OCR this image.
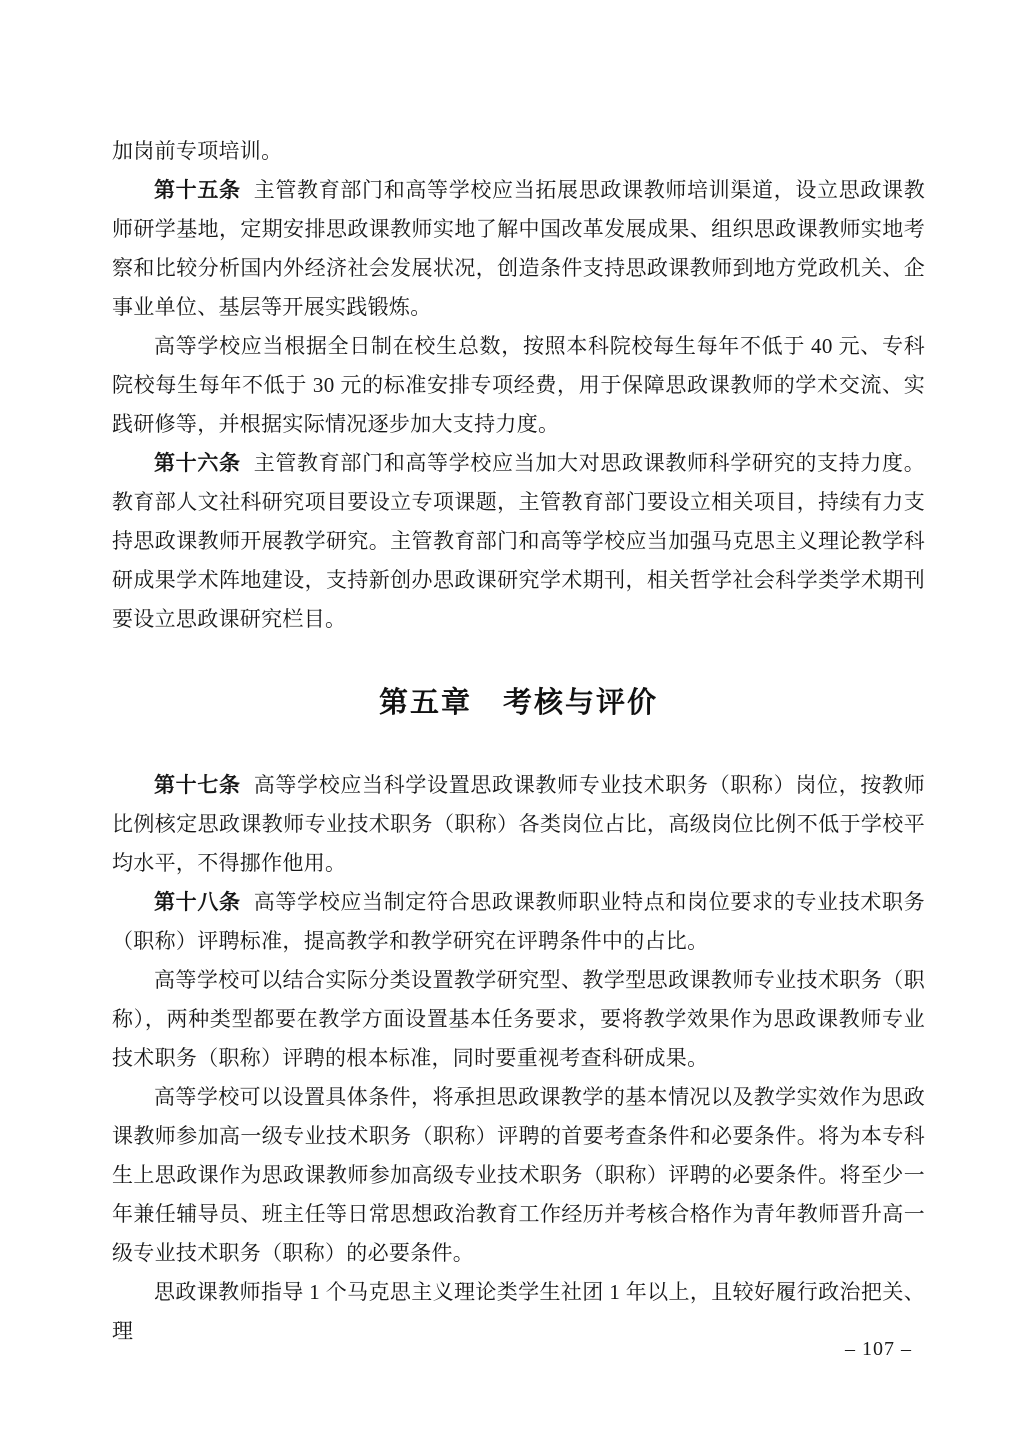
加岗前专项培训。

第十五条 主管教育部门和高等学校应当拓展思政课教师培训渠道，设立思政课教师研学基地，定期安排思政课教师实地了解中国改革发展成果、组织思政课教师实地考察和比较分析国内外经济社会发展状况，创造条件支持思政课教师到地方党政机关、企事业单位、基层等开展实践锻炼。

高等学校应当根据全日制在校生总数，按照本科院校每生每年不低于 40 元、专科院校每生每年不低于 30 元的标准安排专项经费，用于保障思政课教师的学术交流、实践研修等，并根据实际情况逐步加大支持力度。

第十六条 主管教育部门和高等学校应当加大对思政课教师科学研究的支持力度。教育部人文社科研究项目要设立专项课题，主管教育部门要设立相关项目，持续有力支持思政课教师开展教学研究。主管教育部门和高等学校应当加强马克思主义理论教学科研成果学术阵地建设，支持新创办思政课研究学术期刊，相关哲学社会科学类学术期刊要设立思政课研究栏目。

第五章　考核与评价

第十七条 高等学校应当科学设置思政课教师专业技术职务（职称）岗位，按教师比例核定思政课教师专业技术职务（职称）各类岗位占比，高级岗位比例不低于学校平均水平，不得挪作他用。

第十八条 高等学校应当制定符合思政课教师职业特点和岗位要求的专业技术职务（职称）评聘标准，提高教学和教学研究在评聘条件中的占比。

高等学校可以结合实际分类设置教学研究型、教学型思政课教师专业技术职务（职称），两种类型都要在教学方面设置基本任务要求，要将教学效果作为思政课教师专业技术职务（职称）评聘的根本标准，同时要重视考查科研成果。

高等学校可以设置具体条件，将承担思政课教学的基本情况以及教学实效作为思政课教师参加高一级专业技术职务（职称）评聘的首要考查条件和必要条件。将为本专科生上思政课作为思政课教师参加高级专业技术职务（职称）评聘的必要条件。将至少一年兼任辅导员、班主任等日常思想政治教育工作经历并考核合格作为青年教师晋升高一级专业技术职务（职称）的必要条件。

思政课教师指导 1 个马克思主义理论类学生社团 1 年以上，且较好履行政治把关、理

– 107 –
